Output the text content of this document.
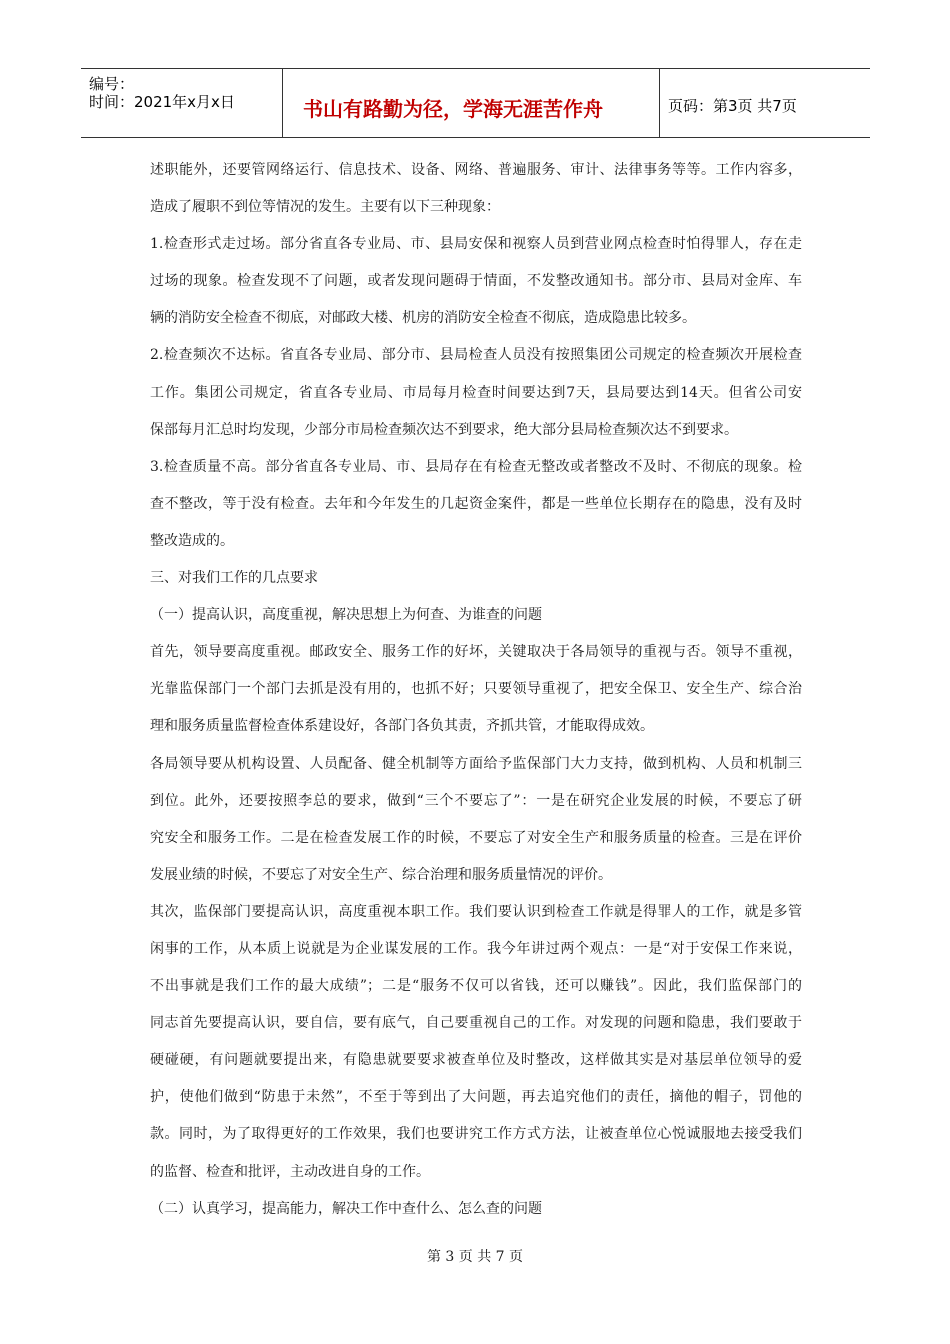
编号：
时间：2021年x月x日	书山有路勤为径，学海无涯苦作舟	页码：第3页 共7页
述职能外，还要管网络运行、信息技术、设备、网络、普遍服务、审计、法律事务等等。工作内容多，
造成了履职不到位等情况的发生。主要有以下三种现象：
1.检查形式走过场。部分省直各专业局、市、县局安保和视察人员到营业网点检查时怕得罪人，存在走
过场的现象。检查发现不了问题，或者发现问题碍于情面，不发整改通知书。部分市、县局对金库、车
辆的消防安全检查不彻底，对邮政大楼、机房的消防安全检查不彻底，造成隐患比较多。
2.检查频次不达标。省直各专业局、部分市、县局检查人员没有按照集团公司规定的检查频次开展检查
工作。集团公司规定，省直各专业局、市局每月检查时间要达到7天，县局要达到14天。但省公司安
保部每月汇总时均发现，少部分市局检查频次达不到要求，绝大部分县局检查频次达不到要求。
3.检查质量不高。部分省直各专业局、市、县局存在有检查无整改或者整改不及时、不彻底的现象。检
查不整改，等于没有检查。去年和今年发生的几起资金案件，都是一些单位长期存在的隐患，没有及时
整改造成的。
三、对我们工作的几点要求
（一）提高认识，高度重视，解决思想上为何查、为谁查的问题
首先，领导要高度重视。邮政安全、服务工作的好坏，关键取决于各局领导的重视与否。领导不重视，
光靠监保部门一个部门去抓是没有用的，也抓不好；只要领导重视了，把安全保卫、安全生产、综合治
理和服务质量监督检查体系建设好，各部门各负其责，齐抓共管，才能取得成效。
各局领导要从机构设置、人员配备、健全机制等方面给予监保部门大力支持，做到机构、人员和机制三
到位。此外，还要按照李总的要求，做到“三个不要忘了”：一是在研究企业发展的时候，不要忘了研
究安全和服务工作。二是在检查发展工作的时候，不要忘了对安全生产和服务质量的检查。三是在评价
发展业绩的时候，不要忘了对安全生产、综合治理和服务质量情况的评价。
其次，监保部门要提高认识，高度重视本职工作。我们要认识到检查工作就是得罪人的工作，就是多管
闲事的工作，从本质上说就是为企业谋发展的工作。我今年讲过两个观点：一是“对于安保工作来说，
不出事就是我们工作的最大成绩”；二是“服务不仅可以省钱，还可以赚钱”。因此，我们监保部门的
同志首先要提高认识，要自信，要有底气，自己要重视自己的工作。对发现的问题和隐患，我们要敢于
硬碰硬，有问题就要提出来，有隐患就要要求被查单位及时整改，这样做其实是对基层单位领导的爱
护，使他们做到“防患于未然”，不至于等到出了大问题，再去追究他们的责任，摘他的帽子，罚他的
款。同时，为了取得更好的工作效果，我们也要讲究工作方式方法，让被查单位心悦诚服地去接受我们
的监督、检查和批评，主动改进自身的工作。
（二）认真学习，提高能力，解决工作中查什么、怎么查的问题
第 3 页 共 7 页
